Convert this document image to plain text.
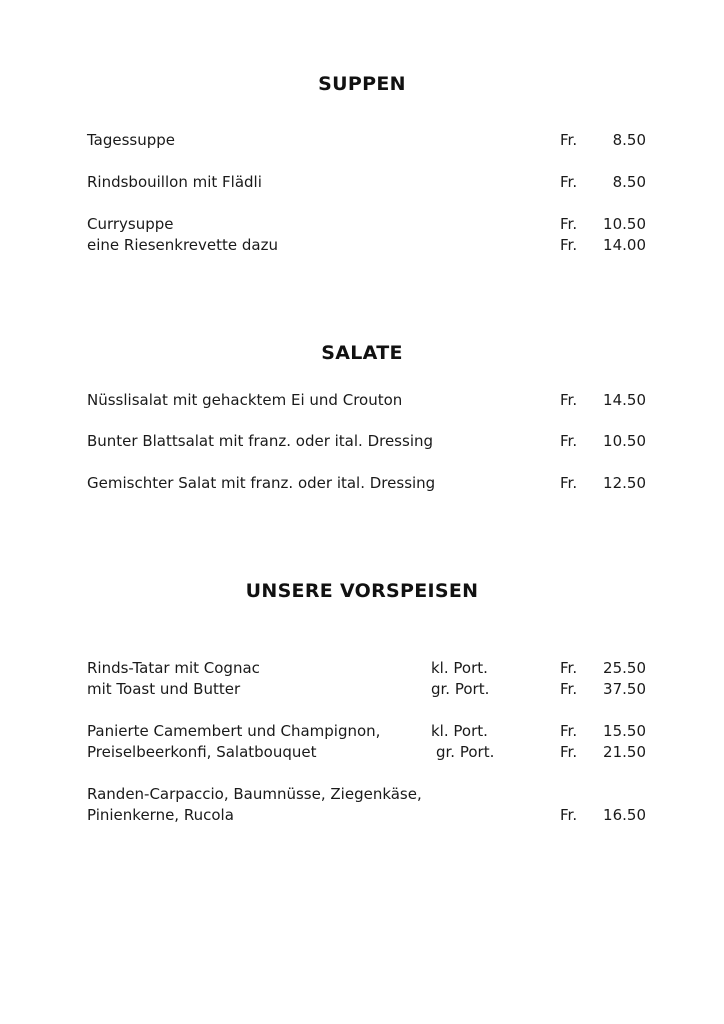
SUPPEN
Tagessuppe	Fr. 8.50
Rindsbouillon mit Flädli	Fr. 8.50
Currysuppe	Fr. 10.50
eine Riesenkrevette dazu	Fr. 14.00
SALATE
Nüsslisalat mit gehacktem Ei und Crouton	Fr. 14.50
Bunter Blattsalat mit franz. oder ital. Dressing	Fr. 10.50
Gemischter Salat mit franz. oder ital. Dressing	Fr. 12.50
UNSERE VORSPEISEN
Rinds-Tatar mit Cognac	kl. Port.	Fr. 25.50
mit Toast und Butter	gr. Port.	Fr. 37.50
Panierte Camembert und Champignon,	kl. Port.	Fr. 15.50
Preiselbeerkonfi, Salatbouquet	gr. Port.	Fr. 21.50
Randen-Carpaccio, Baumnüsse, Ziegenkäse,
Pinienkerne, Rucola	Fr. 16.50
